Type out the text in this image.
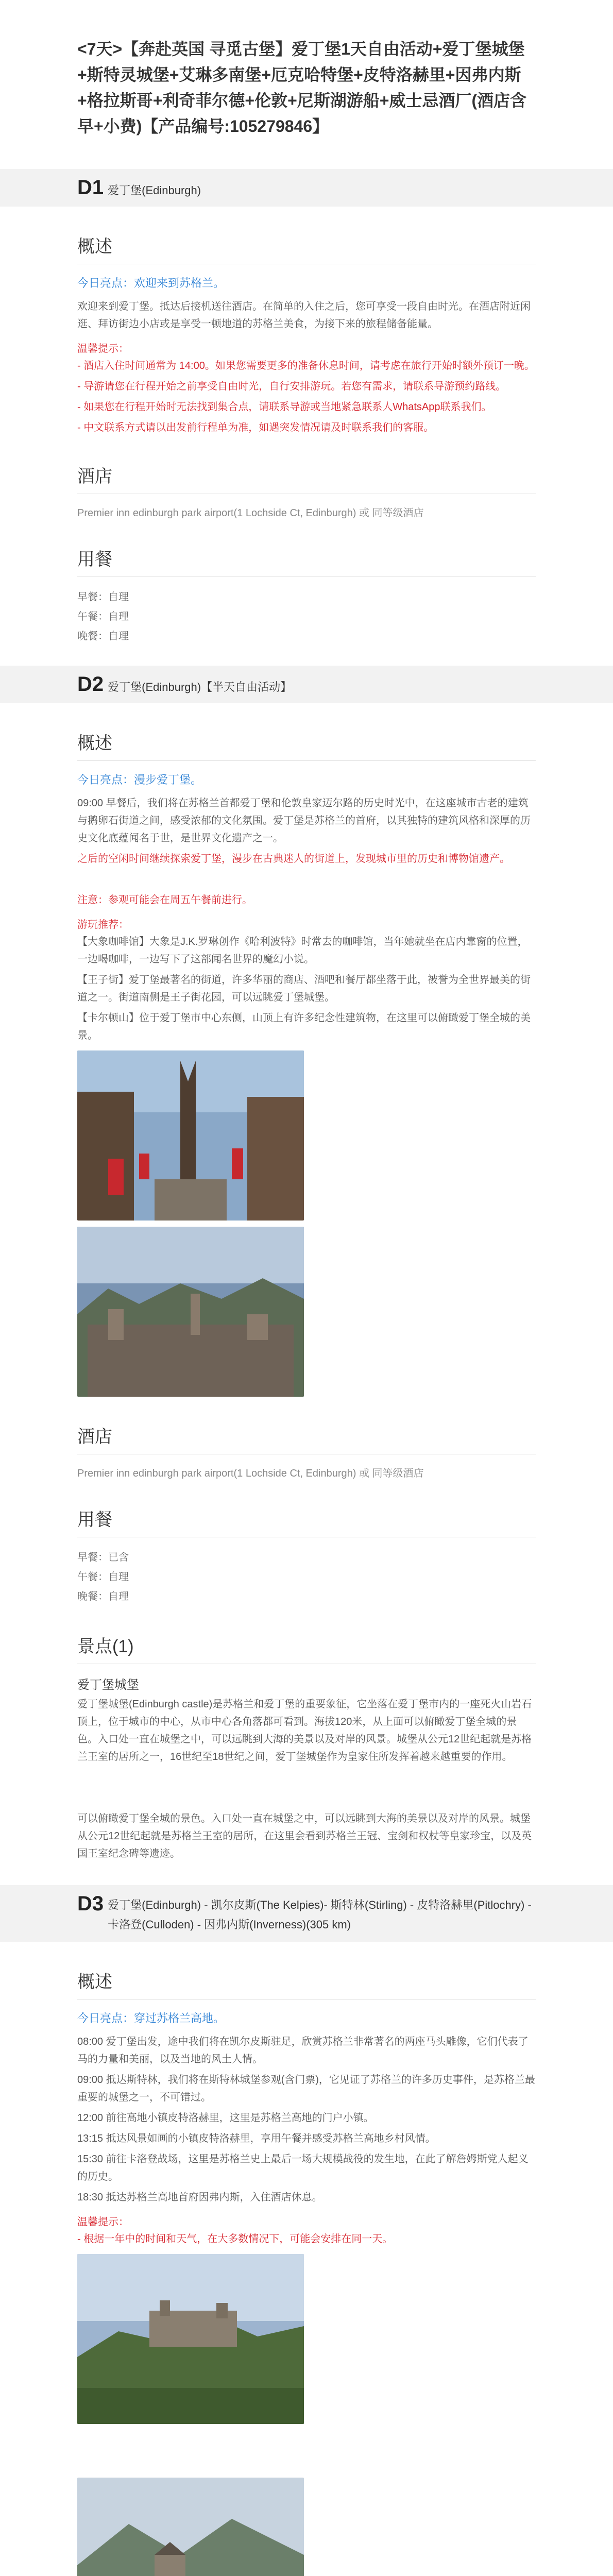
<7天>【奔赴英国 寻觅古堡】爱丁堡1天自由活动+爱丁堡城堡+斯特灵城堡+艾琳多南堡+厄克哈特堡+皮特洛赫里+因弗内斯+格拉斯哥+利奇菲尔德+伦敦+尼斯湖游船+威士忌酒厂(酒店含早+小费)【产品编号:105279846】
D1 爱丁堡(Edinburgh)
概述

今日亮点：欢迎来到苏格兰。

欢迎来到爱丁堡。抵达后接机送往酒店。在简单的入住之后，您可享受一段自由时光。在酒店附近闲逛、拜访街边小店或是享受一顿地道的苏格兰美食，为接下来的旅程储备能量。

温馨提示：

- 酒店入住时间通常为 14:00。如果您需要更多的准备休息时间，请考虑在旅行开始时额外预订一晚。

- 导游请您在行程开始之前享受自由时光，自行安排游玩。若您有需求，请联系导游预约路线。

- 如果您在行程开始时无法找到集合点，请联系导游或当地紧急联系人WhatsApp联系我们。

- 中文联系方式请以出发前行程单为准，如遇突发情况请及时联系我们的客服。

酒店

Premier inn edinburgh park airport(1 Lochside Ct, Edinburgh) 或 同等级酒店

用餐

早餐：自理

午餐：自理

晚餐：自理

D2 爱丁堡(Edinburgh)【半天自由活动】
概述

今日亮点：漫步爱丁堡。

09:00 早餐后，我们将在苏格兰首都爱丁堡和伦敦皇家迈尔路的历史时光中，在这座城市古老的建筑与鹅卵石街道之间，感受浓郁的文化氛围。爱丁堡是苏格兰的首府，以其独特的建筑风格和深厚的历史文化底蕴闻名于世，是世界文化遗产之一。

之后的空闲时间继续探索爱丁堡，漫步在古典迷人的街道上，发现城市里的历史和博物馆遗产。

注意：参观可能会在周五午餐前进行。

游玩推荐：

【大象咖啡馆】大象是J.K.罗琳创作《哈利波特》时常去的咖啡馆，当年她就坐在店内靠窗的位置，一边喝咖啡，一边写下了这部闻名世界的魔幻小说。

【王子街】爱丁堡最著名的街道，许多华丽的商店、酒吧和餐厅都坐落于此，被誉为全世界最美的街道之一。街道南侧是王子街花园，可以远眺爱丁堡城堡。

【卡尔顿山】位于爱丁堡市中心东侧，山顶上有许多纪念性建筑物，在这里可以俯瞰爱丁堡全城的美景。

酒店

Premier inn edinburgh park airport(1 Lochside Ct, Edinburgh) 或 同等级酒店

用餐

早餐：已含

午餐：自理

晚餐：自理

景点(1)

爱丁堡城堡

爱丁堡城堡(Edinburgh castle)是苏格兰和爱丁堡的重要象征，它坐落在爱丁堡市内的一座死火山岩石顶上，位于城市的中心，从市中心各角落都可看到。海拔120米，从上面可以俯瞰爱丁堡全城的景色。入口处一直在城堡之中，可以远眺到大海的美景以及对岸的风景。城堡从公元12世纪起就是苏格兰王室的居所之一，16世纪至18世纪之间，爱丁堡城堡作为皇家住所发挥着越来越重要的作用。

可以俯瞰爱丁堡全城的景色。入口处一直在城堡之中，可以远眺到大海的美景以及对岸的风景。城堡从公元12世纪起就是苏格兰王室的居所，在这里会看到苏格兰王冠、宝剑和权杖等皇家珍宝，以及英国王室纪念碑等遗迹。

D3 爱丁堡(Edinburgh) - 凯尔皮斯(The Kelpies)- 斯特林(Stirling) - 皮特洛赫里(Pitlochry) - 卡洛登(Culloden) - 因弗内斯(Inverness)(305 km)
概述

今日亮点：穿过苏格兰高地。

08:00 爱丁堡出发，途中我们将在凯尔皮斯驻足，欣赏苏格兰非常著名的两座马头雕像，它们代表了马的力量和美丽，以及当地的风土人情。

09:00 抵达斯特林，我们将在斯特林城堡参观(含门票)，它见证了苏格兰的许多历史事件，是苏格兰最重要的城堡之一，不可错过。

12:00 前往高地小镇皮特洛赫里，这里是苏格兰高地的门户小镇。

13:15 抵达风景如画的小镇皮特洛赫里，享用午餐并感受苏格兰高地乡村风情。

15:30 前往卡洛登战场，这里是苏格兰史上最后一场大规模战役的发生地，在此了解詹姆斯党人起义的历史。

18:30 抵达苏格兰高地首府因弗内斯，入住酒店休息。

温馨提示：

- 根据一年中的时间和天气，在大多数情况下，可能会安排在同一天。
